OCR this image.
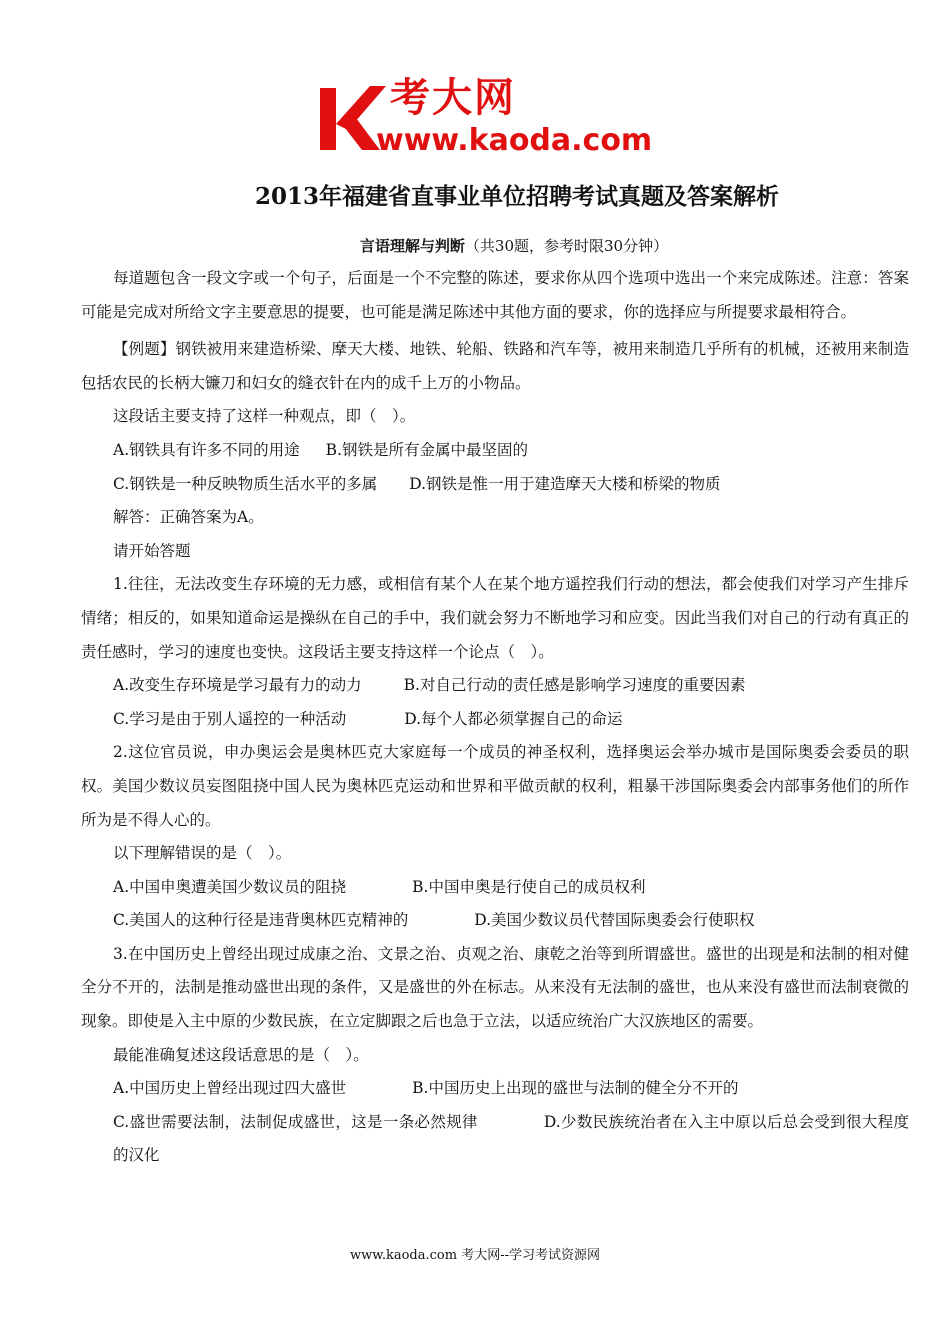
考大网
www.kaoda.com
2013年福建省直事业单位招聘考试真题及答案解析
言语理解与判断（共30题，参考时限30分钟）

每道题包含一段文字或一个句子，后面是一个不完整的陈述，要求你从四个选项中选出一个来完成陈述。注意：答案可能是完成对所给文字主要意思的提要，也可能是满足陈述中其他方面的要求，你的选择应与所提要求最相符合。

【例题】钢铁被用来建造桥梁、摩天大楼、地铁、轮船、铁路和汽车等，被用来制造几乎所有的机械，还被用来制造包括农民的长柄大镰刀和妇女的缝衣针在内的成千上万的小物品。

这段话主要支持了这样一种观点，即（　）。

A.钢铁具有许多不同的用途 B.钢铁是所有金属中最坚固的

C.钢铁是一种反映物质生活水平的多属 D.钢铁是惟一用于建造摩天大楼和桥梁的物质

解答：正确答案为A。

请开始答题

1.往往，无法改变生存环境的无力感，或相信有某个人在某个地方遥控我们行动的想法，都会使我们对学习产生排斥情绪；相反的，如果知道命运是操纵在自己的手中，我们就会努力不断地学习和应变。因此当我们对自己的行动有真正的责任感时，学习的速度也变快。这段话主要支持这样一个论点（　）。

A.改变生存环境是学习最有力的动力	B.对自己行动的责任感是影响学习速度的重要因素

C.学习是由于别人遥控的一种活动	D.每个人都必须掌握自己的命运

2.这位官员说，申办奥运会是奥林匹克大家庭每一个成员的神圣权利，选择奥运会举办城市是国际奥委会委员的职权。美国少数议员妄图阻挠中国人民为奥林匹克运动和世界和平做贡献的权利，粗暴干涉国际奥委会内部事务他们的所作所为是不得人心的。

以下理解错误的是（　）。

A.中国申奥遭美国少数议员的阻挠	B.中国申奥是行使自己的成员权利

C.美国人的这种行径是违背奥林匹克精神的	D.美国少数议员代替国际奥委会行使职权

3.在中国历史上曾经出现过成康之治、文景之治、贞观之治、康乾之治等到所谓盛世。盛世的出现是和法制的相对健全分不开的，法制是推动盛世出现的条件，又是盛世的外在标志。从来没有无法制的盛世，也从来没有盛世而法制衰微的现象。即使是入主中原的少数民族，在立定脚跟之后也急于立法，以适应统治广大汉族地区的需要。

最能准确复述这段话意思的是（　）。

A.中国历史上曾经出现过四大盛世	B.中国历史上出现的盛世与法制的健全分不开的

C.盛世需要法制，法制促成盛世，这是一条必然规律	D.少数民族统治者在入主中原以后总会受到很大程度的汉化

www.kaoda.com 考大网--学习考试资源网
